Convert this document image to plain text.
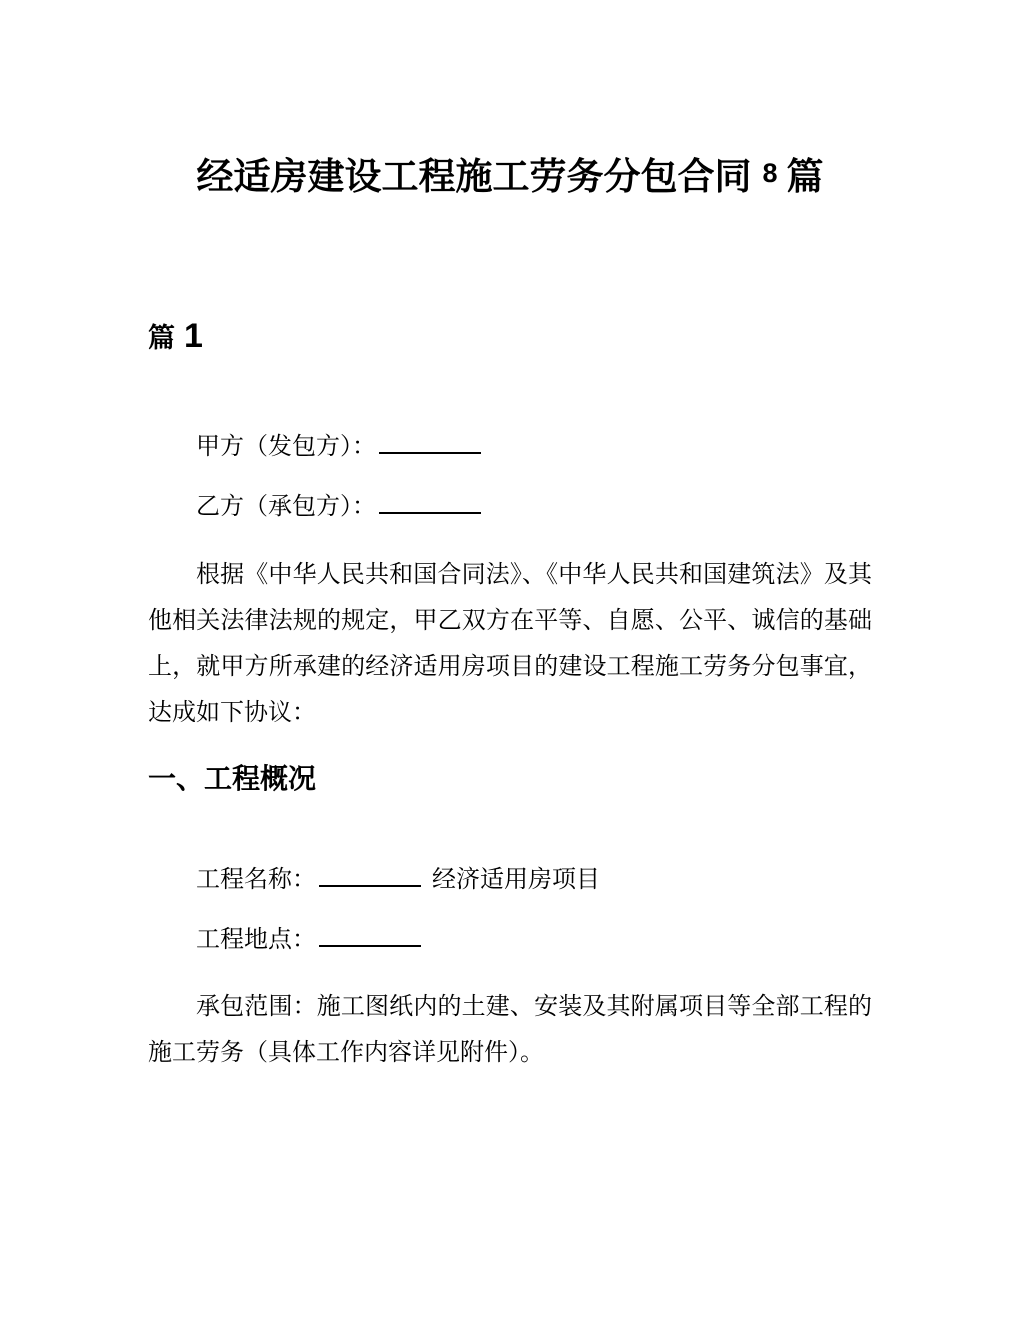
经适房建设工程施工劳务分包合同 8 篇
篇 1

甲方（发包方）：

乙方（承包方）：

根据《中华人民共和国合同法》、《中华人民共和国建筑法》及其他相关法律法规的规定，甲乙双方在平等、自愿、公平、诚信的基础上，就甲方所承建的经济适用房项目的建设工程施工劳务分包事宜，达成如下协议：

一、工程概况

工程名称：	经济适用房项目

工程地点：

承包范围：施工图纸内的土建、安装及其附属项目等全部工程的施工劳务（具体工作内容详见附件）。
